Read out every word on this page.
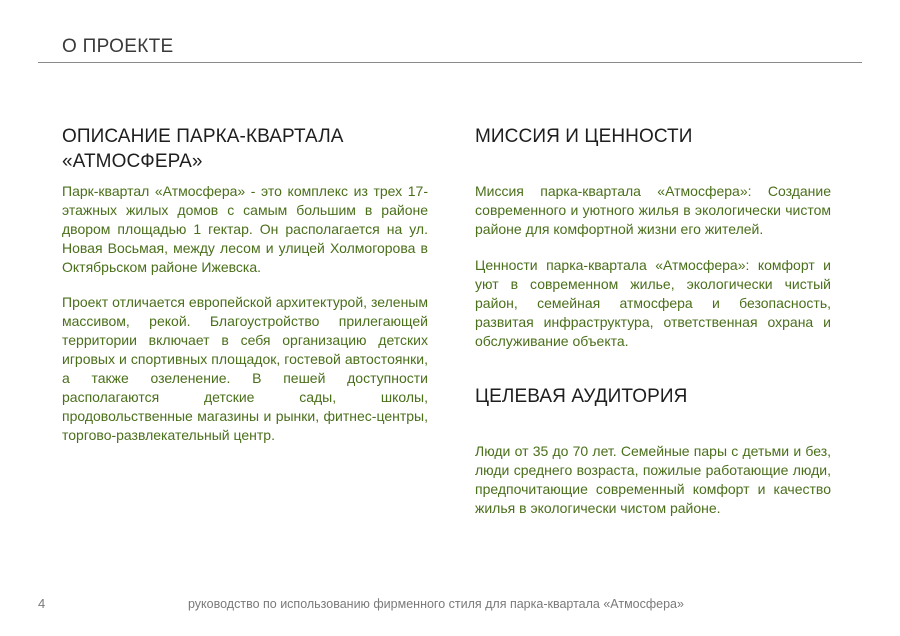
О ПРОЕКТЕ
ОПИСАНИЕ ПАРКА-КВАРТАЛА
«АТМОСФЕРА»

Парк-квартал «Атмосфера» - это комплекс из трех 17-этажных жилых домов с самым большим в районе двором площадью 1 гектар. Он располагается на ул. Новая Восьмая, между лесом и улицей Холмогорова в Октябрьском районе Ижевска.

Проект отличается европейской архитектурой, зеленым массивом, рекой. Благоустройство прилегающей территории включает в себя организацию детских игровых и спортивных площадок, гостевой автостоянки, а также озеленение. В пешей доступности располагаются детские сады, школы, продовольственные магазины и рынки, фитнес-центры, торгово-развлекательный центр.

МИССИЯ И ЦЕННОСТИ

Миссия парка-квартала «Атмосфера»: Создание современного и уютного жилья в экологически чистом районе для комфортной жизни его жителей.

Ценности парка-квартала «Атмосфера»: комфорт и уют в современном жилье, экологически чистый район, семейная атмосфера и безопасность, развитая инфраструктура, ответственная охрана и обслуживание объекта.

ЦЕЛЕВАЯ АУДИТОРИЯ

Люди от 35 до 70 лет. Семейные пары с детьми и без, люди среднего возраста, пожилые работающие люди, предпочитающие современный комфорт и качество жилья в экологически чистом районе.

4	руководство по использованию фирменного стиля для парка-квартала «Атмосфера»
